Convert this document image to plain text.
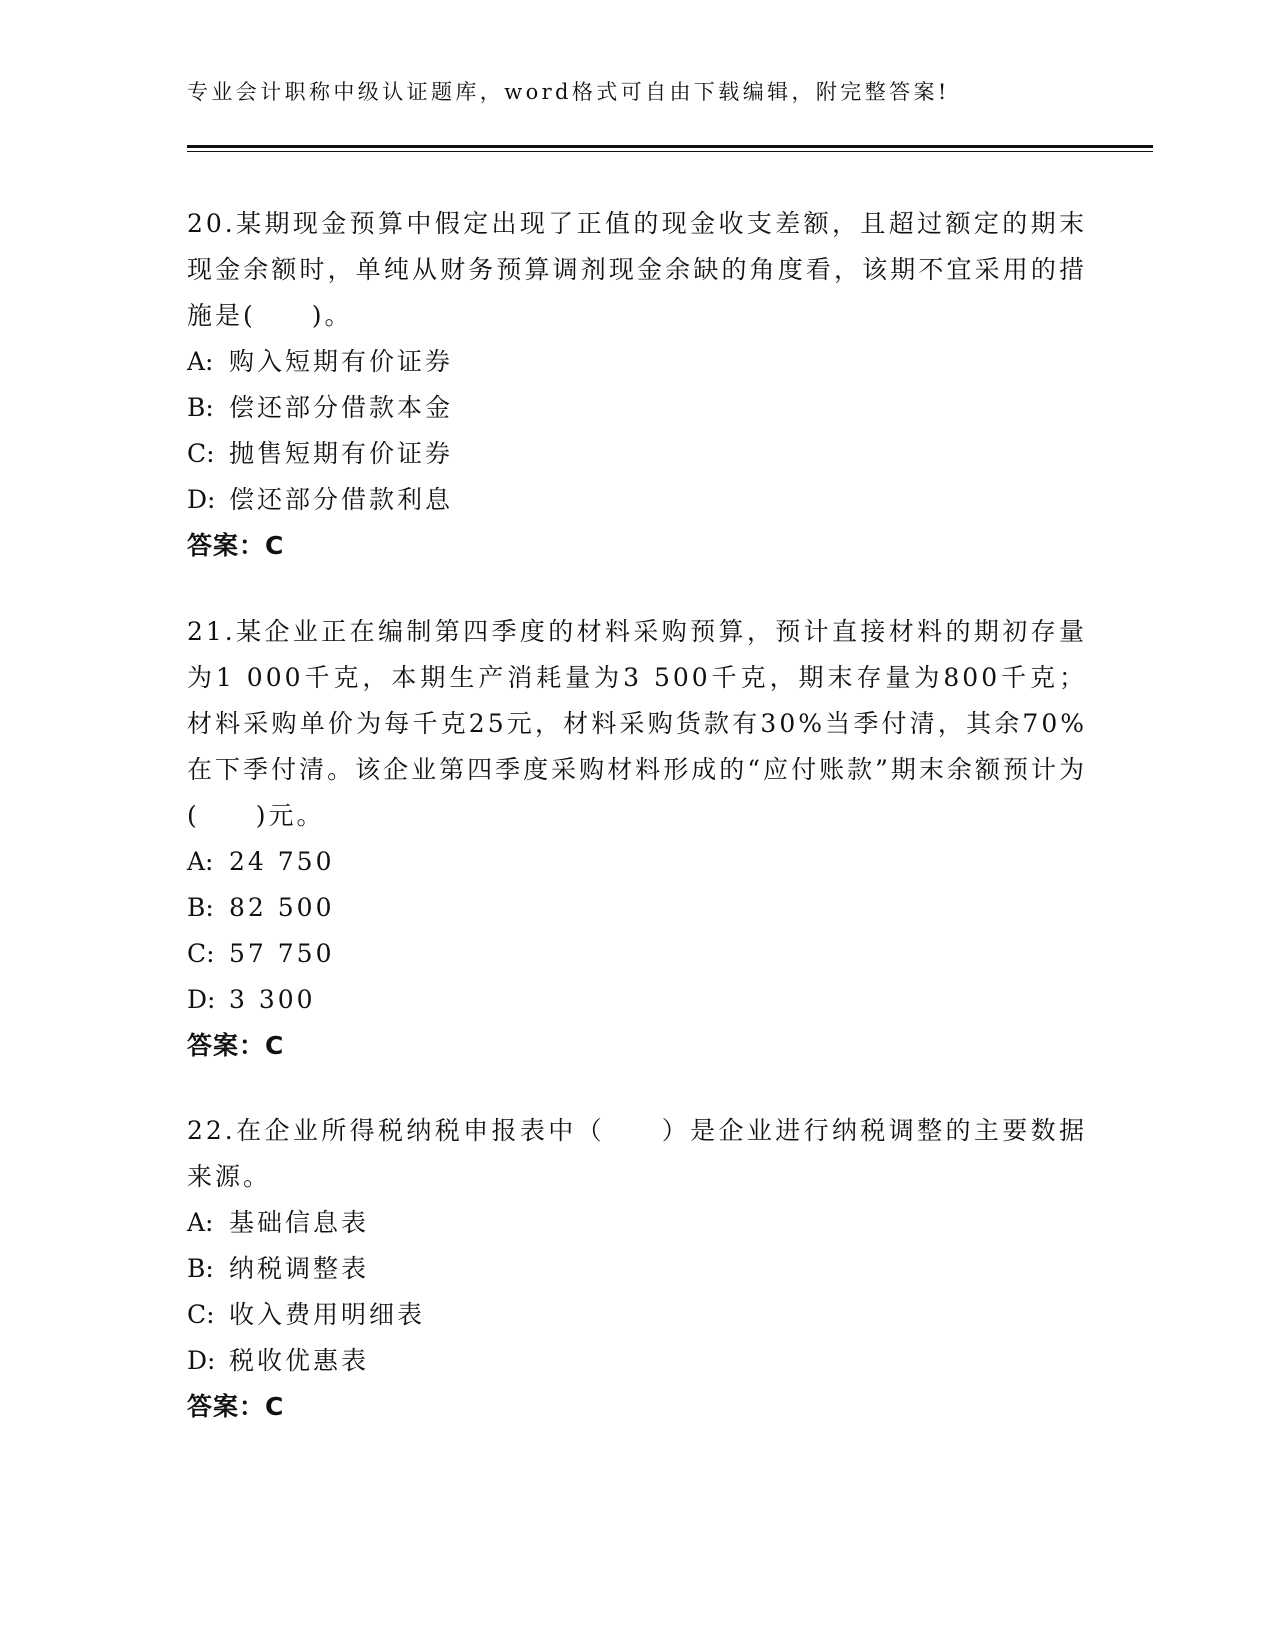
专业会计职称中级认证题库，word格式可自由下载编辑，附完整答案!
20.某期现金预算中假定出现了正值的现金收支差额，且超过额定的期末现金余额时，单纯从财务预算调剂现金余缺的角度看，该期不宜采用的措施是(　　)。
A: 购入短期有价证券
B: 偿还部分借款本金
C: 抛售短期有价证券
D: 偿还部分借款利息
答案：C
21.某企业正在编制第四季度的材料采购预算，预计直接材料的期初存量为1 000千克，本期生产消耗量为3 500千克，期末存量为800千克；材料采购单价为每千克25元，材料采购货款有30%当季付清，其余70%在下季付清。该企业第四季度采购材料形成的“应付账款”期末余额预计为(　　)元。
A: 24 750
B: 82 500
C: 57 750
D: 3 300
答案：C
22.在企业所得税纳税申报表中（　　）是企业进行纳税调整的主要数据来源。
A: 基础信息表
B: 纳税调整表
C: 收入费用明细表
D: 税收优惠表
答案：C
